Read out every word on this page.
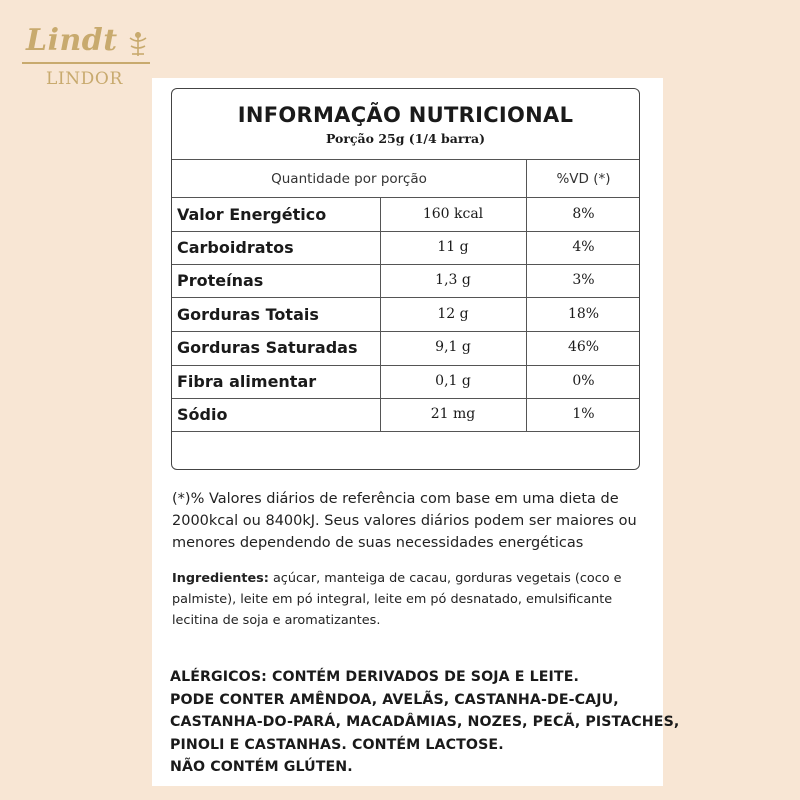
Lindt
LINDOR
INFORMAÇÃO NUTRICIONAL
Porção 25g (1/4 barra)
Quantidade por porção	%VD (*)
Valor Energético	160 kcal	8%
Carboidratos	11 g	4%
Proteínas	1,3 g	3%
Gorduras Totais	12 g	18%
Gorduras Saturadas	9,1 g	46%
Fibra alimentar	0,1 g	0%
Sódio	21 mg	1%
(*)% Valores diários de referência com base em uma dieta de 2000kcal ou 8400kJ. Seus valores diários podem ser maiores ou menores dependendo de suas necessidades energéticas
Ingredientes: açúcar, manteiga de cacau, gorduras vegetais (coco e palmiste), leite em pó integral, leite em pó desnatado, emulsificante lecitina de soja e aromatizantes.
ALÉRGICOS: CONTÉM DERIVADOS DE SOJA E LEITE.
PODE CONTER AMÊNDOA, AVELÃS, CASTANHA-DE-CAJU,
CASTANHA-DO-PARÁ, MACADÂMIAS, NOZES, PECÃ, PISTACHES,
PINOLI E CASTANHAS. CONTÉM LACTOSE.
NÃO CONTÉM GLÚTEN.
